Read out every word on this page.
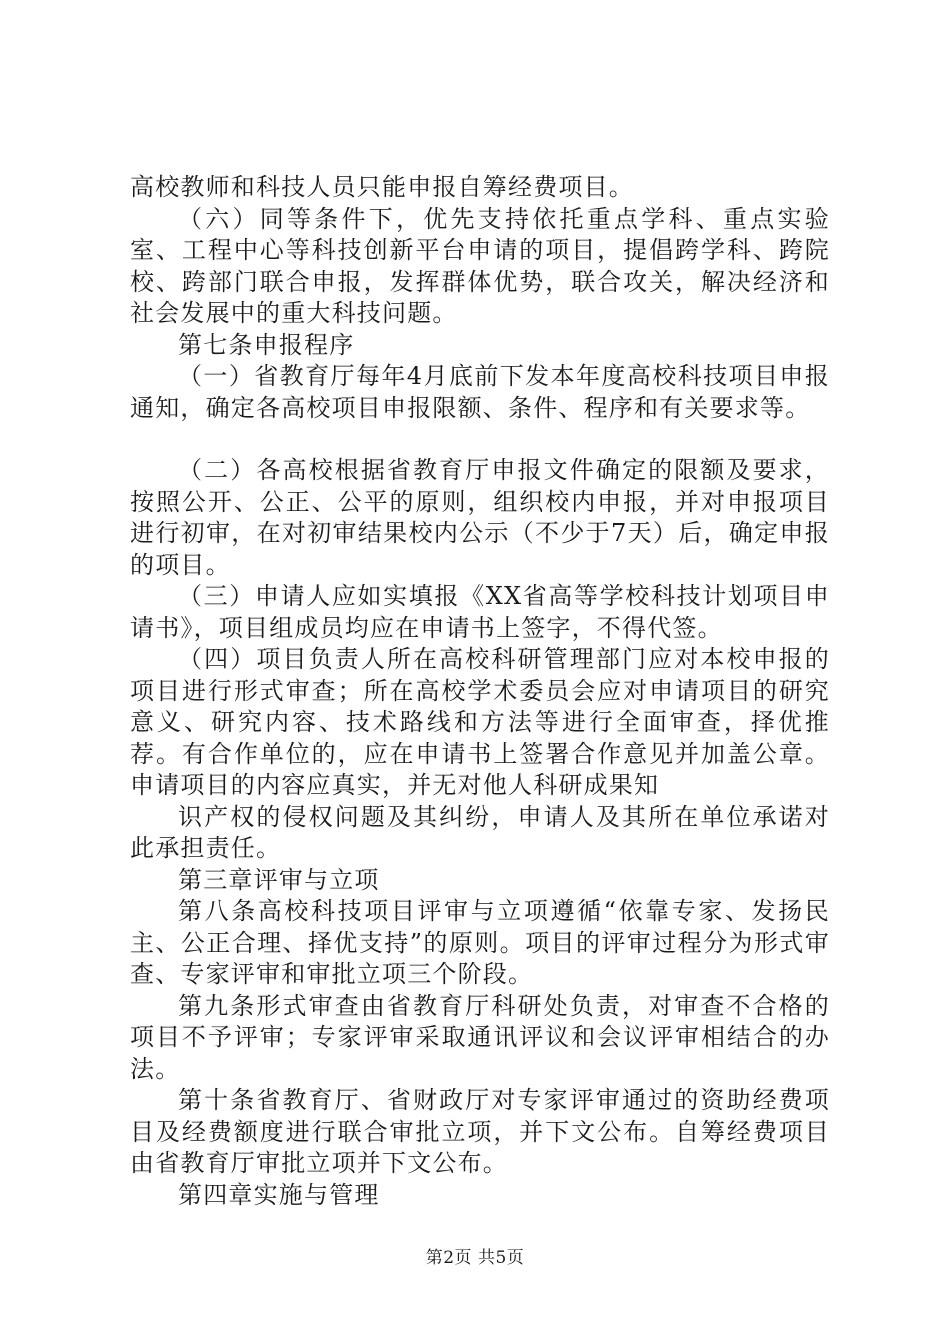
高校教师和科技人员只能申报自筹经费项目。

（六）同等条件下，优先支持依托重点学科、重点实验室、工程中心等科技创新平台申请的项目，提倡跨学科、跨院校、跨部门联合申报，发挥群体优势，联合攻关，解决经济和社会发展中的重大科技问题。

第七条申报程序

（一）省教育厅每年4月底前下发本年度高校科技项目申报通知，确定各高校项目申报限额、条件、程序和有关要求等。

（二）各高校根据省教育厅申报文件确定的限额及要求，按照公开、公正、公平的原则，组织校内申报，并对申报项目进行初审，在对初审结果校内公示（不少于7天）后，确定申报的项目。

（三）申请人应如实填报《XX省高等学校科技计划项目申请书》，项目组成员均应在申请书上签字，不得代签。

（四）项目负责人所在高校科研管理部门应对本校申报的项目进行形式审查；所在高校学术委员会应对申请项目的研究意义、研究内容、技术路线和方法等进行全面审查，择优推荐。有合作单位的，应在申请书上签署合作意见并加盖公章。申请项目的内容应真实，并无对他人科研成果知

识产权的侵权问题及其纠纷，申请人及其所在单位承诺对此承担责任。

第三章评审与立项

第八条高校科技项目评审与立项遵循“依靠专家、发扬民主、公正合理、择优支持”的原则。项目的评审过程分为形式审查、专家评审和审批立项三个阶段。

第九条形式审查由省教育厅科研处负责，对审查不合格的项目不予评审；专家评审采取通讯评议和会议评审相结合的办法。

第十条省教育厅、省财政厅对专家评审通过的资助经费项目及经费额度进行联合审批立项，并下文公布。自筹经费项目由省教育厅审批立项并下文公布。

第四章实施与管理

第2页 共5页
